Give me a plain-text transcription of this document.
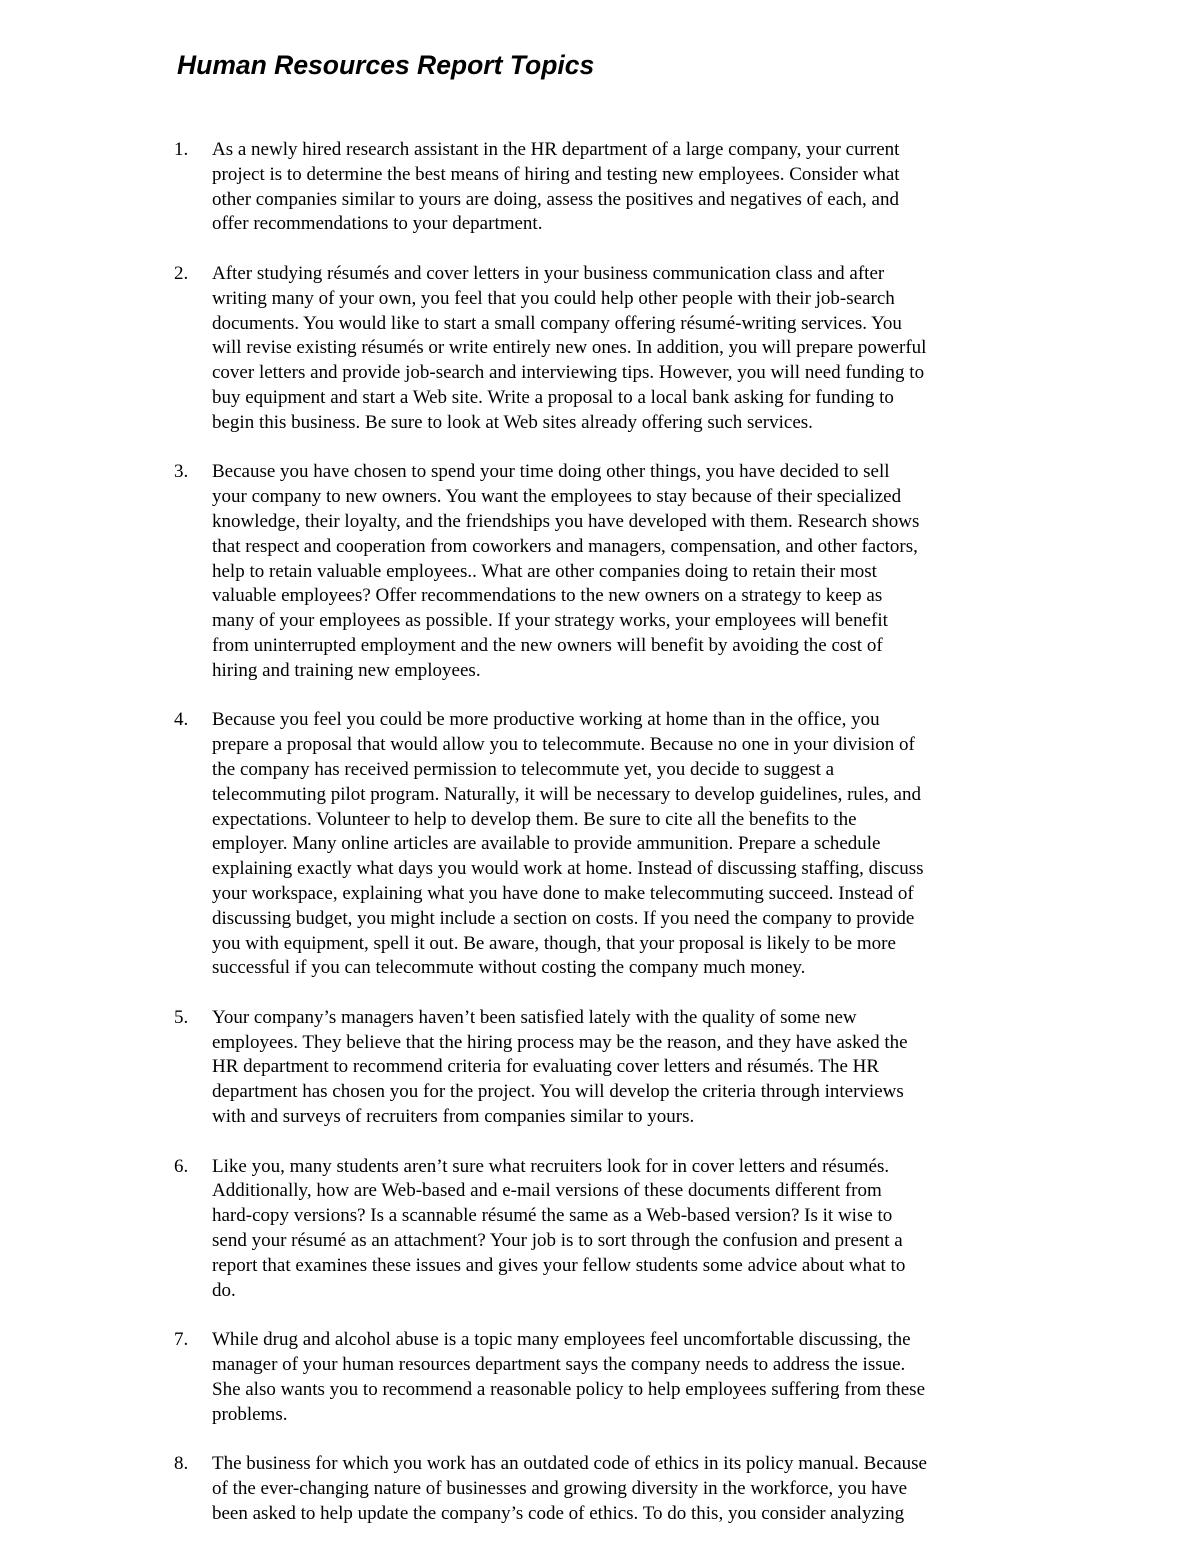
Human Resources Report Topics
1. As a newly hired research assistant in the HR department of a large company, your current
project is to determine the best means of hiring and testing new employees. Consider what
other companies similar to yours are doing, assess the positives and negatives of each, and
offer recommendations to your department.
2. After studying résumés and cover letters in your business communication class and after
writing many of your own, you feel that you could help other people with their job-search
documents. You would like to start a small company offering résumé-writing services. You
will revise existing résumés or write entirely new ones. In addition, you will prepare powerful
cover letters and provide job-search and interviewing tips. However, you will need funding to
buy equipment and start a Web site. Write a proposal to a local bank asking for funding to
begin this business. Be sure to look at Web sites already offering such services.
3. Because you have chosen to spend your time doing other things, you have decided to sell
your company to new owners. You want the employees to stay because of their specialized
knowledge, their loyalty, and the friendships you have developed with them. Research shows
that respect and cooperation from coworkers and managers, compensation, and other factors,
help to retain valuable employees.. What are other companies doing to retain their most
valuable employees? Offer recommendations to the new owners on a strategy to keep as
many of your employees as possible. If your strategy works, your employees will benefit
from uninterrupted employment and the new owners will benefit by avoiding the cost of
hiring and training new employees.
4. Because you feel you could be more productive working at home than in the office, you
prepare a proposal that would allow you to telecommute. Because no one in your division of
the company has received permission to telecommute yet, you decide to suggest a
telecommuting pilot program. Naturally, it will be necessary to develop guidelines, rules, and
expectations. Volunteer to help to develop them. Be sure to cite all the benefits to the
employer. Many online articles are available to provide ammunition. Prepare a schedule
explaining exactly what days you would work at home. Instead of discussing staffing, discuss
your workspace, explaining what you have done to make telecommuting succeed. Instead of
discussing budget, you might include a section on costs. If you need the company to provide
you with equipment, spell it out. Be aware, though, that your proposal is likely to be more
successful if you can telecommute without costing the company much money.
5. Your company’s managers haven’t been satisfied lately with the quality of some new
employees. They believe that the hiring process may be the reason, and they have asked the
HR department to recommend criteria for evaluating cover letters and résumés. The HR
department has chosen you for the project. You will develop the criteria through interviews
with and surveys of recruiters from companies similar to yours.
6. Like you, many students aren’t sure what recruiters look for in cover letters and résumés.
Additionally, how are Web-based and e-mail versions of these documents different from
hard-copy versions? Is a scannable résumé the same as a Web-based version? Is it wise to
send your résumé as an attachment? Your job is to sort through the confusion and present a
report that examines these issues and gives your fellow students some advice about what to
do.
7. While drug and alcohol abuse is a topic many employees feel uncomfortable discussing, the
manager of your human resources department says the company needs to address the issue.
She also wants you to recommend a reasonable policy to help employees suffering from these
problems.
8. The business for which you work has an outdated code of ethics in its policy manual. Because
of the ever-changing nature of businesses and growing diversity in the workforce, you have
been asked to help update the company’s code of ethics. To do this, you consider analyzing
